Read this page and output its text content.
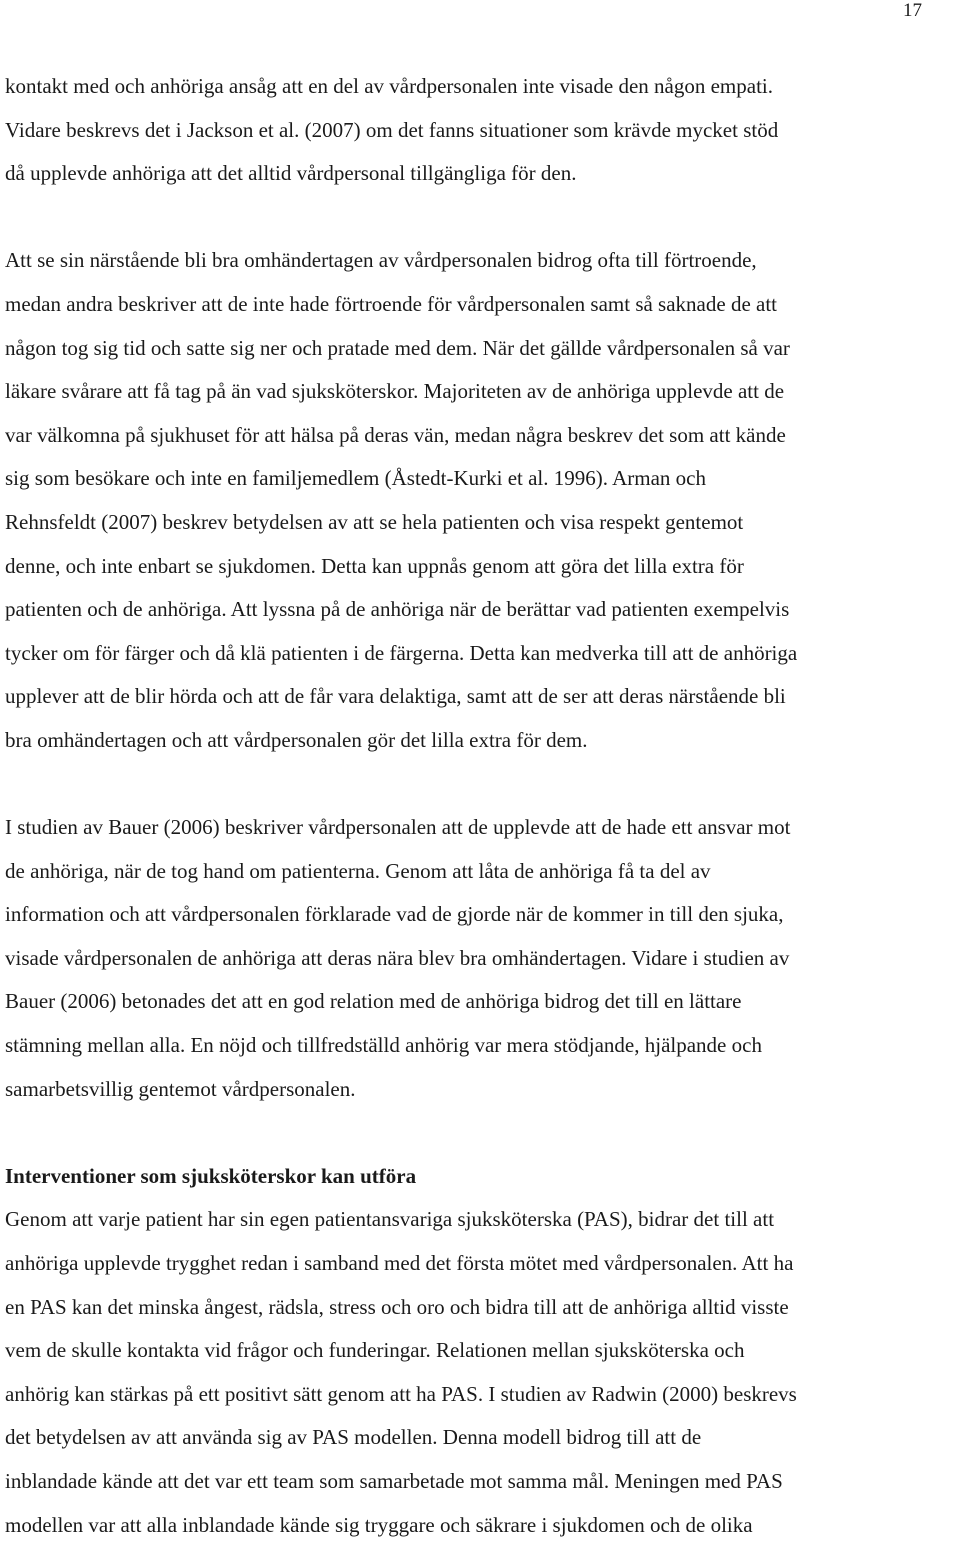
17
kontakt med och anhöriga ansåg att en del av vårdpersonalen inte visade den någon empati.
Vidare beskrevs det i Jackson et al. (2007) om det fanns situationer som krävde mycket stöd
då upplevde anhöriga att det alltid vårdpersonal tillgängliga för den.
Att se sin närstående bli bra omhändertagen av vårdpersonalen bidrog ofta till förtroende,
medan andra beskriver att de inte hade förtroende för vårdpersonalen samt så saknade de att
någon tog sig tid och satte sig ner och pratade med dem. När det gällde vårdpersonalen så var
läkare svårare att få tag på än vad sjuksköterskor. Majoriteten av de anhöriga upplevde att de
var välkomna på sjukhuset för att hälsa på deras vän, medan några beskrev det som att kände
sig som besökare och inte en familjemedlem (Åstedt-Kurki et al. 1996). Arman och
Rehnsfeldt (2007) beskrev betydelsen av att se hela patienten och visa respekt gentemot
denne, och inte enbart se sjukdomen. Detta kan uppnås genom att göra det lilla extra för
patienten och de anhöriga. Att lyssna på de anhöriga när de berättar vad patienten exempelvis
tycker om för färger och då klä patienten i de färgerna. Detta kan medverka till att de anhöriga
upplever att de blir hörda och att de får vara delaktiga, samt att de ser att deras närstående bli
bra omhändertagen och att vårdpersonalen gör det lilla extra för dem.
I studien av Bauer (2006) beskriver vårdpersonalen att de upplevde att de hade ett ansvar mot
de anhöriga, när de tog hand om patienterna. Genom att låta de anhöriga få ta del av
information och att vårdpersonalen förklarade vad de gjorde när de kommer in till den sjuka,
visade vårdpersonalen de anhöriga att deras nära blev bra omhändertagen. Vidare i studien av
Bauer (2006) betonades det att en god relation med de anhöriga bidrog det till en lättare
stämning mellan alla. En nöjd och tillfredställd anhörig var mera stödjande, hjälpande och
samarbetsvillig gentemot vårdpersonalen.
Interventioner som sjuksköterskor kan utföra
Genom att varje patient har sin egen patientansvariga sjuksköterska (PAS), bidrar det till att
anhöriga upplevde trygghet redan i samband med det första mötet med vårdpersonalen. Att ha
en PAS kan det minska ångest, rädsla, stress och oro och bidra till att de anhöriga alltid visste
vem de skulle kontakta vid frågor och funderingar. Relationen mellan sjuksköterska och
anhörig kan stärkas på ett positivt sätt genom att ha PAS. I studien av Radwin (2000) beskrevs
det betydelsen av att använda sig av PAS modellen. Denna modell bidrog till att de
inblandade kände att det var ett team som samarbetade mot samma mål. Meningen med PAS
modellen var att alla inblandade kände sig tryggare och säkrare i sjukdomen och de olika
